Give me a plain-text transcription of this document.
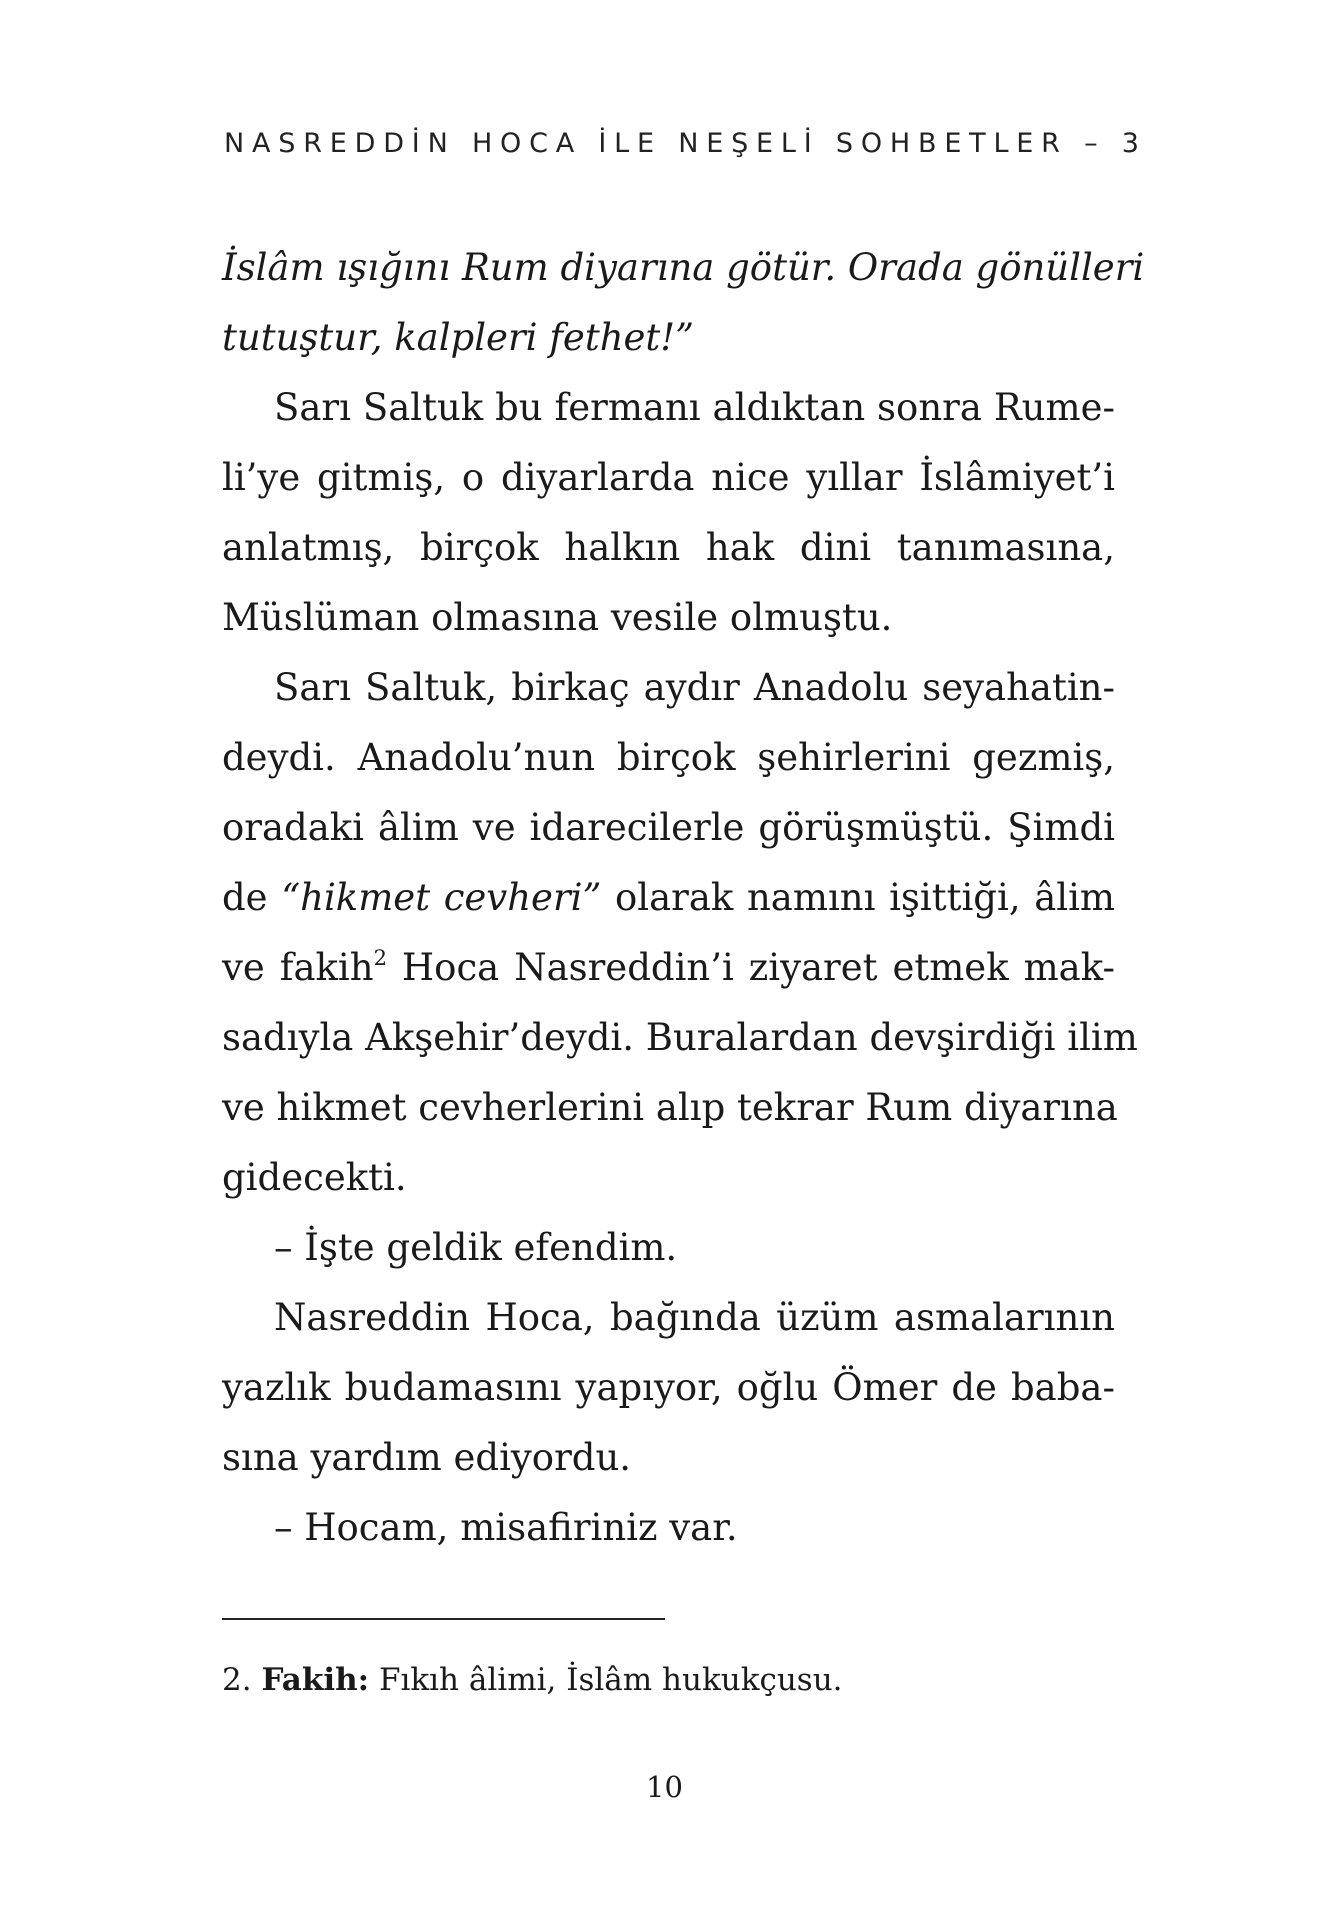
NASREDDİN HOCA İLE NEŞELİ SOHBETLER – 3
İslâm ışığını Rum diyarına götür. Orada gönülleri
tutuştur, kalpleri fethet!”
Sarı Saltuk bu fermanı aldıktan sonra Rume-
li’ye gitmiş, o diyarlarda nice yıllar İslâmiyet’i
anlatmış, birçok halkın hak dini tanımasına,
Müslüman olmasına vesile olmuştu.
Sarı Saltuk, birkaç aydır Anadolu seyahatin-
deydi. Anadolu’nun birçok şehirlerini gezmiş,
oradaki âlim ve idarecilerle görüşmüştü. Şimdi
de “hikmet cevheri” olarak namını işittiği, âlim
ve fakih$^2$ Hoca Nasreddin’i ziyaret etmek mak-
sadıyla Akşehir’deydi. Buralardan devşirdiği ilim
ve hikmet cevherlerini alıp tekrar Rum diyarına
gidecekti.
– İşte geldik efendim.
Nasreddin Hoca, bağında üzüm asmalarının
yazlık budamasını yapıyor, oğlu Ömer de baba-
sına yardım ediyordu.
– Hocam, misafiriniz var.
2. Fakih: Fıkıh âlimi, İslâm hukukçusu.
10
